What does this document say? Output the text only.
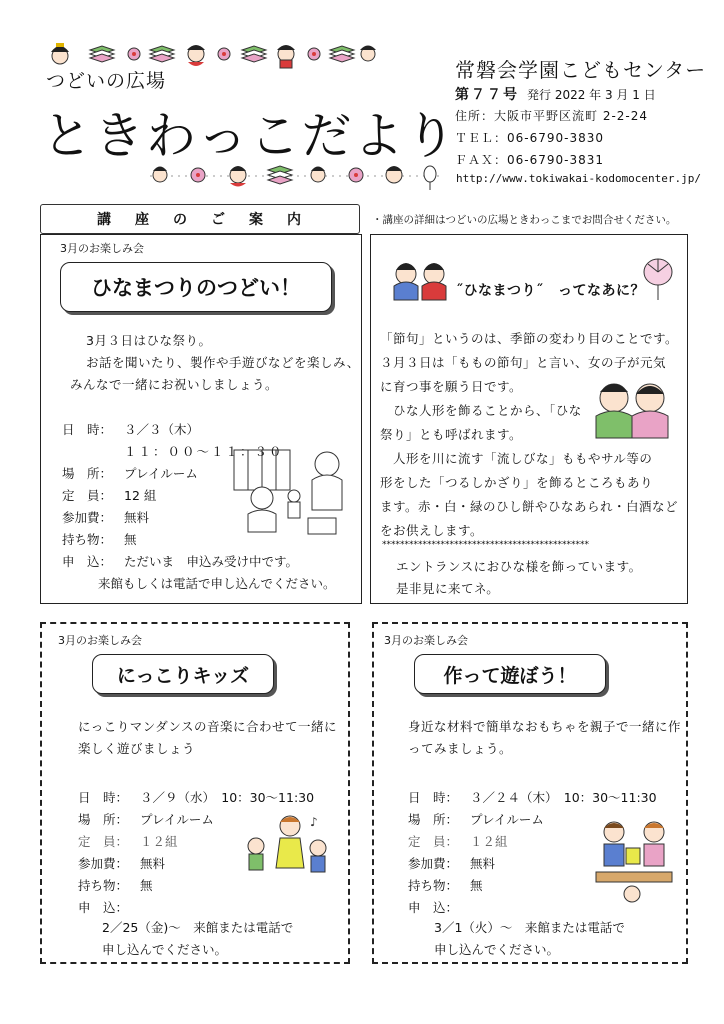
つどいの広場
ときわっこだより
常磐会学園こどもセンター
第７７号 発行 2022 年 3 月 1 日
住所：大阪市平野区流町 2-2-24
ＴＥＬ：06-6790-3830
ＦＡＸ：06-6790-3831
http://www.tokiwakai-kodomocenter.jp/
講 座 の ご 案 内	・講座の詳細はつどいの広場ときわっこまでお問合せください。
3月のお楽しみ会
ひなまつりのつどい！
3月３日はひな祭り。
お話を聞いたり、製作や手遊びなどを楽しみ、
みんなで一緒にお祝いしましょう。
日　時： ３／３（木）
１１：００〜１１：３０
場　所： プレイルーム
定　員： 12 組
参加費： 無料
持ち物： 無
申　込： ただいま　申込み受け中です。
来館もしくは電話で申し込んでください。
˝ひなまつり˝　ってなあに？
「節句」というのは、季節の変わり目のことです。
３月３日は「ももの節句」と言い、女の子が元気
に育つ事を願う日です。
　ひな人形を飾ることから、「ひな
祭り」とも呼ばれます。
　人形を川に流す「流しびな」ももやサル等の
形をした「つるしかざり」を飾るところもあり
ます。赤・白・緑のひし餅やひなあられ・白酒など
をお供えします。
**********************************************
エントランスにおひな様を飾っています。
是非見に来てネ。
3月のお楽しみ会
にっこりキッズ
にっこりマンダンスの音楽に合わせて一緒に
楽しく遊びましょう
日　時： ３／９（水）　10：30〜11:30
場　所： プレイルーム
定　員： １２組
参加費： 無料
持ち物： 無
申　込：
2／25（金)〜　来館または電話で
申し込んでください。
♪
3月のお楽しみ会
作って遊ぼう！
身近な材料で簡単なおもちゃを親子で一緒に作
ってみましょう。
日　時： ３／２４（木）　10：30〜11:30
場　所： プレイルーム
定　員： １２組
参加費： 無料
持ち物： 無
申　込：
3／1（火）〜　来館または電話で
申し込んでください。
